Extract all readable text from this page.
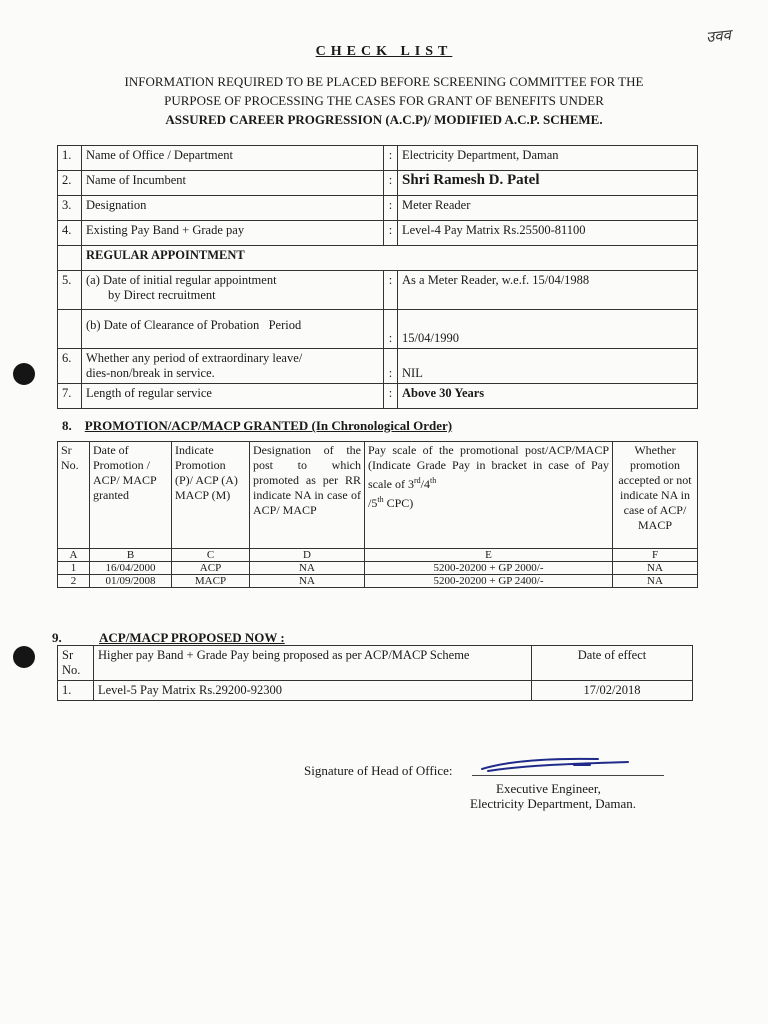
उवव
CHECK LIST
INFORMATION REQUIRED TO BE PLACED BEFORE SCREENING COMMITTEE FOR THE
PURPOSE OF PROCESSING THE CASES FOR GRANT OF BENEFITS UNDER
ASSURED CAREER PROGRESSION (A.C.P)/ MODIFIED A.C.P. SCHEME.
1.	Name of Office / Department	:	Electricity Department, Daman
2.	Name of Incumbent	:	Shri Ramesh D. Patel
3.	Designation	:	Meter Reader
4.	Existing Pay Band + Grade pay	:	Level-4 Pay Matrix Rs.25500-81100
	REGULAR APPOINTMENT		
5.	(a) Date of initial regular appointment
by Direct recruitment	:	As a Meter Reader, w.e.f. 15/04/1988

	(b) Date of Clearance of Probation Period	:	15/04/1990
6.	Whether any period of extraordinary leave/
dies-non/break in service.	:	NIL
7.	Length of regular service	:	Above 30 Years
8. PROMOTION/ACP/MACP GRANTED (In Chronological Order)
Sr No.	Date of Promotion / ACP/ MACP granted	Indicate Promotion (P)/ ACP (A) MACP (M)	Designation of the post to which promoted as per RR indicate NA in case of ACP/ MACP	Pay scale of the promotional post/ACP/MACP (Indicate Grade Pay in bracket in case of Pay scale of 3rd/4th
/5th CPC)	Whether promotion accepted or not indicate NA in case of ACP/ MACP
A	B	C	D	E	F
1	16/04/2000	ACP	NA	5200-20200 + GP 2000/-	NA
2	01/09/2008	MACP	NA	5200-20200 + GP 2400/-	NA
9.	ACP/MACP PROPOSED NOW :
Sr No.	Higher pay Band + Grade Pay being proposed as per ACP/MACP Scheme	Date of effect
1.	Level-5 Pay Matrix Rs.29200-92300	17/02/2018
Signature of Head of Office:
Executive Engineer,
Electricity Department, Daman.
